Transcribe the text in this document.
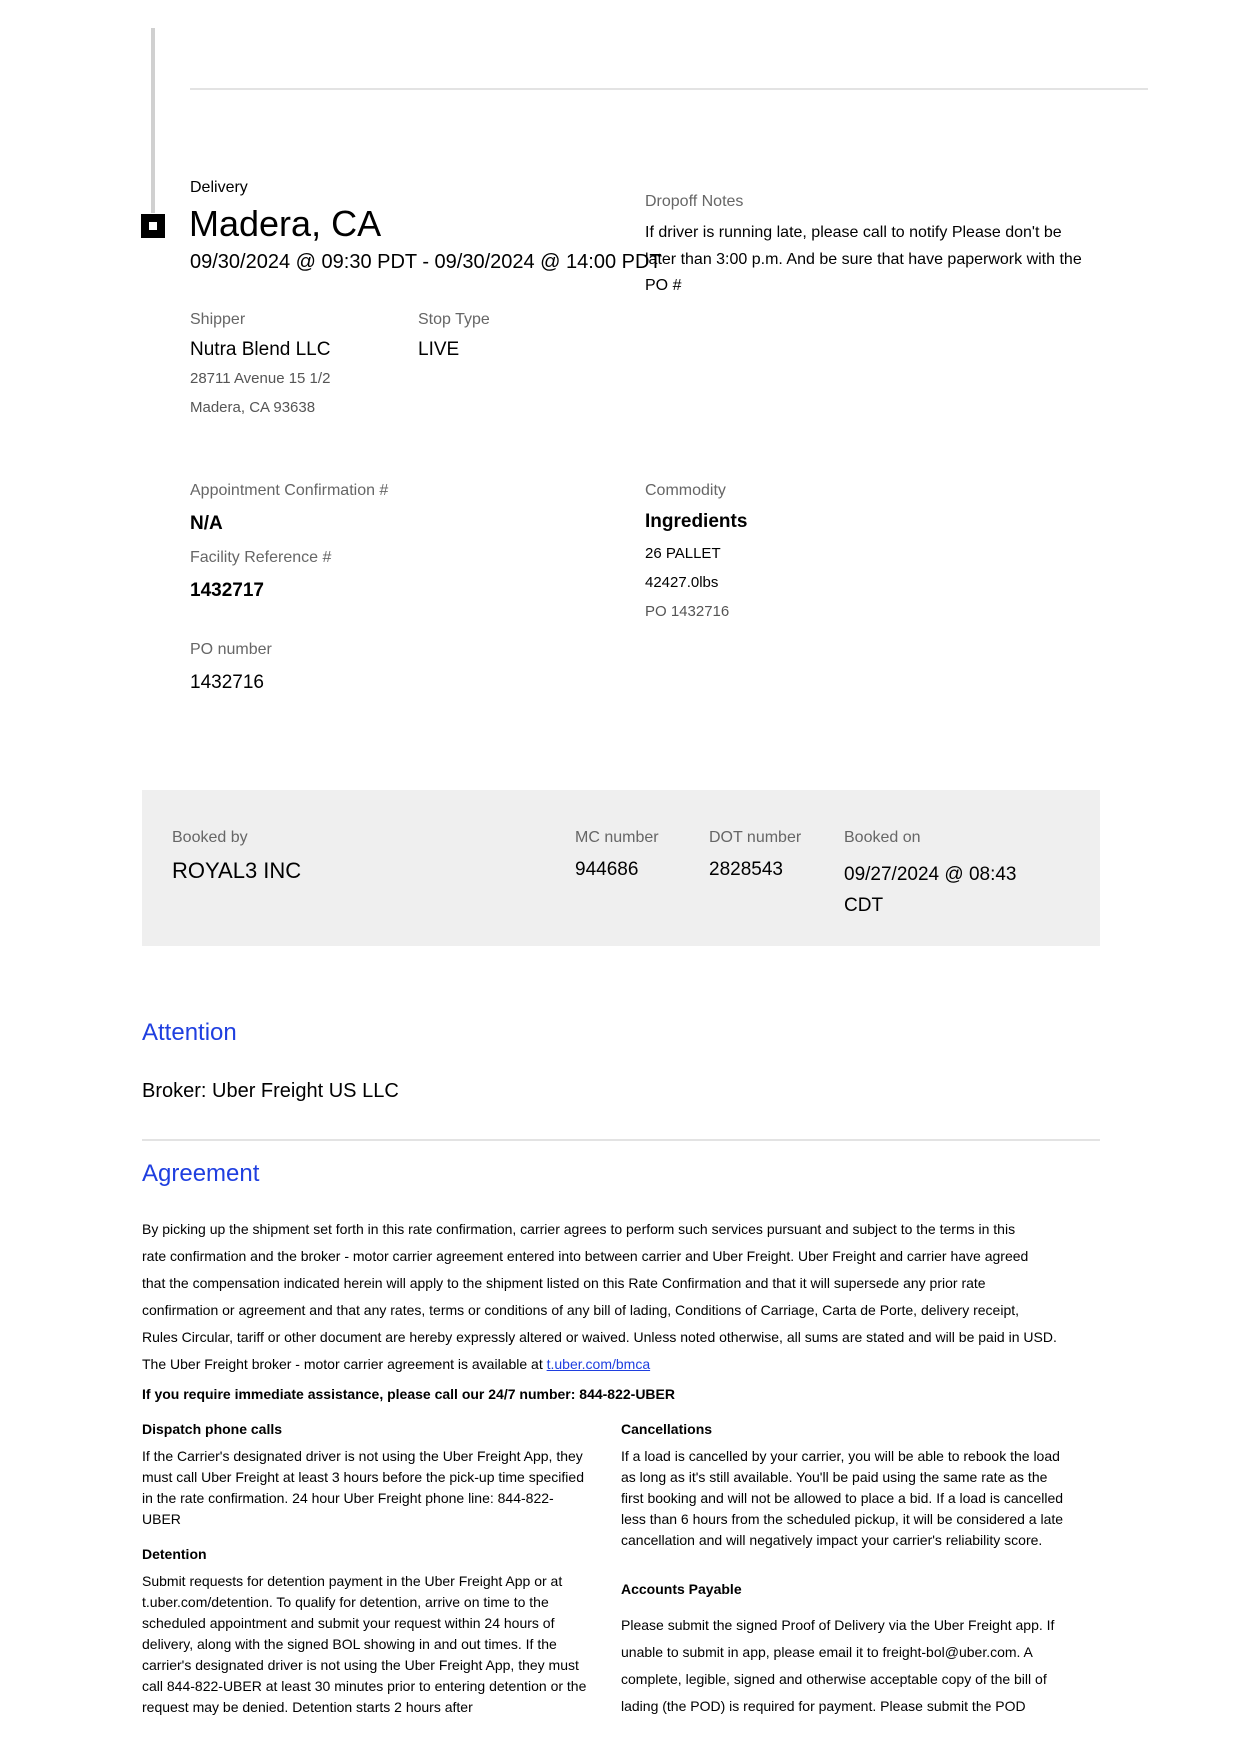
Delivery
Madera, CA
09/30/2024 @ 09:30 PDT - 09/30/2024 @ 14:00 PDT
Dropoff Notes
If driver is running late, please call to notify Please don't be
later than 3:00 p.m. And be sure that have paperwork with the
PO #
Shipper
Nutra Blend LLC
28711 Avenue 15 1/2
Madera, CA 93638
Stop Type
LIVE
Appointment Confirmation #
N/A
Facility Reference #
1432717
PO number
1432716
Commodity
Ingredients
26 PALLET
42427.0lbs
PO 1432716
Booked by
ROYAL3 INC
MC number
944686
DOT number
2828543
Booked on
09/27/2024 @ 08:43
CDT
Attention
Broker: Uber Freight US LLC
Agreement
By picking up the shipment set forth in this rate confirmation, carrier agrees to perform such services pursuant and subject to the terms in this
rate confirmation and the broker - motor carrier agreement entered into between carrier and Uber Freight. Uber Freight and carrier have agreed
that the compensation indicated herein will apply to the shipment listed on this Rate Confirmation and that it will supersede any prior rate
confirmation or agreement and that any rates, terms or conditions of any bill of lading, Conditions of Carriage, Carta de Porte, delivery receipt,
Rules Circular, tariff or other document are hereby expressly altered or waived. Unless noted otherwise, all sums are stated and will be paid in USD.
The Uber Freight broker - motor carrier agreement is available at t.uber.com/bmca
If you require immediate assistance, please call our 24/7 number: 844-822-UBER
Dispatch phone calls
If the Carrier's designated driver is not using the Uber Freight App, they must call Uber Freight at least 3 hours before the pick-up time specified in the rate confirmation. 24 hour Uber Freight phone line: 844-822-UBER
Detention
Submit requests for detention payment in the Uber Freight App or at t.uber.com/detention. To qualify for detention, arrive on time to the scheduled appointment and submit your request within 24 hours of delivery, along with the signed BOL showing in and out times. If the carrier's designated driver is not using the Uber Freight App, they must call 844-822-UBER at least 30 minutes prior to entering detention or the request may be denied. Detention starts 2 hours after
Cancellations
If a load is cancelled by your carrier, you will be able to rebook the load as long as it's still available. You'll be paid using the same rate as the first booking and will not be allowed to place a bid. If a load is cancelled less than 6 hours from the scheduled pickup, it will be considered a late cancellation and will negatively impact your carrier's reliability score.
Accounts Payable
Please submit the signed Proof of Delivery via the Uber Freight app. If unable to submit in app, please email it to freight-bol@uber.com. A complete, legible, signed and otherwise acceptable copy of the bill of lading (the POD) is required for payment. Please submit the POD
